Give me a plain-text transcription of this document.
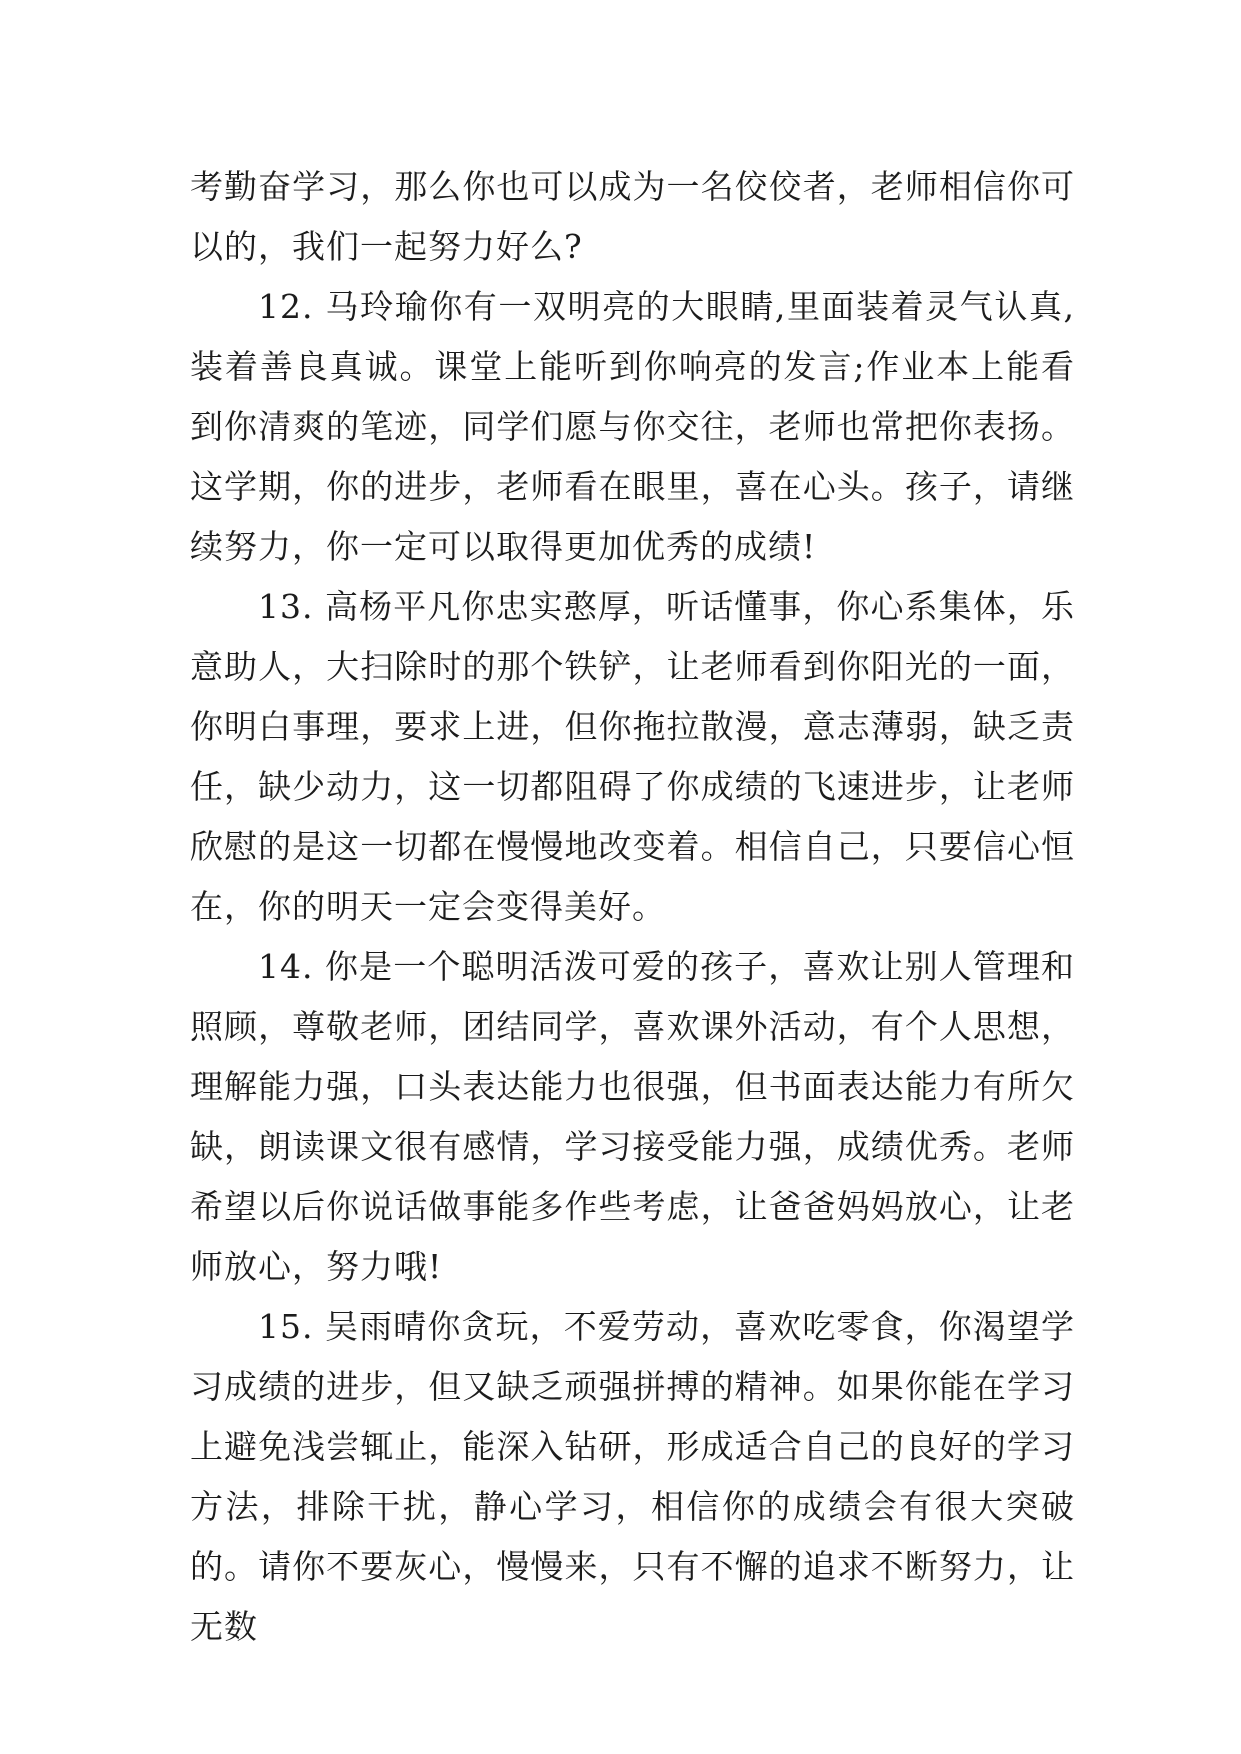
考勤奋学习，那么你也可以成为一名佼佼者，老师相信你可以的，我们一起努力好么?

12. 马玲瑜你有一双明亮的大眼睛,里面装着灵气认真,装着善良真诚。课堂上能听到你响亮的发言;作业本上能看到你清爽的笔迹，同学们愿与你交往，老师也常把你表扬。这学期，你的进步，老师看在眼里，喜在心头。孩子，请继续努力，你一定可以取得更加优秀的成绩!

13. 高杨平凡你忠实憨厚，听话懂事，你心系集体，乐意助人，大扫除时的那个铁铲，让老师看到你阳光的一面，你明白事理，要求上进，但你拖拉散漫，意志薄弱，缺乏责任，缺少动力，这一切都阻碍了你成绩的飞速进步，让老师欣慰的是这一切都在慢慢地改变着。相信自己，只要信心恒在，你的明天一定会变得美好。

14. 你是一个聪明活泼可爱的孩子，喜欢让别人管理和照顾，尊敬老师，团结同学，喜欢课外活动，有个人思想，理解能力强，口头表达能力也很强，但书面表达能力有所欠缺，朗读课文很有感情，学习接受能力强，成绩优秀。老师希望以后你说话做事能多作些考虑，让爸爸妈妈放心，让老师放心，努力哦!

15. 吴雨晴你贪玩，不爱劳动，喜欢吃零食，你渴望学习成绩的进步，但又缺乏顽强拼搏的精神。如果你能在学习上避免浅尝辄止，能深入钻研，形成适合自己的良好的学习方法，排除干扰，静心学习，相信你的成绩会有很大突破的。请你不要灰心，慢慢来，只有不懈的追求不断努力，让无数
